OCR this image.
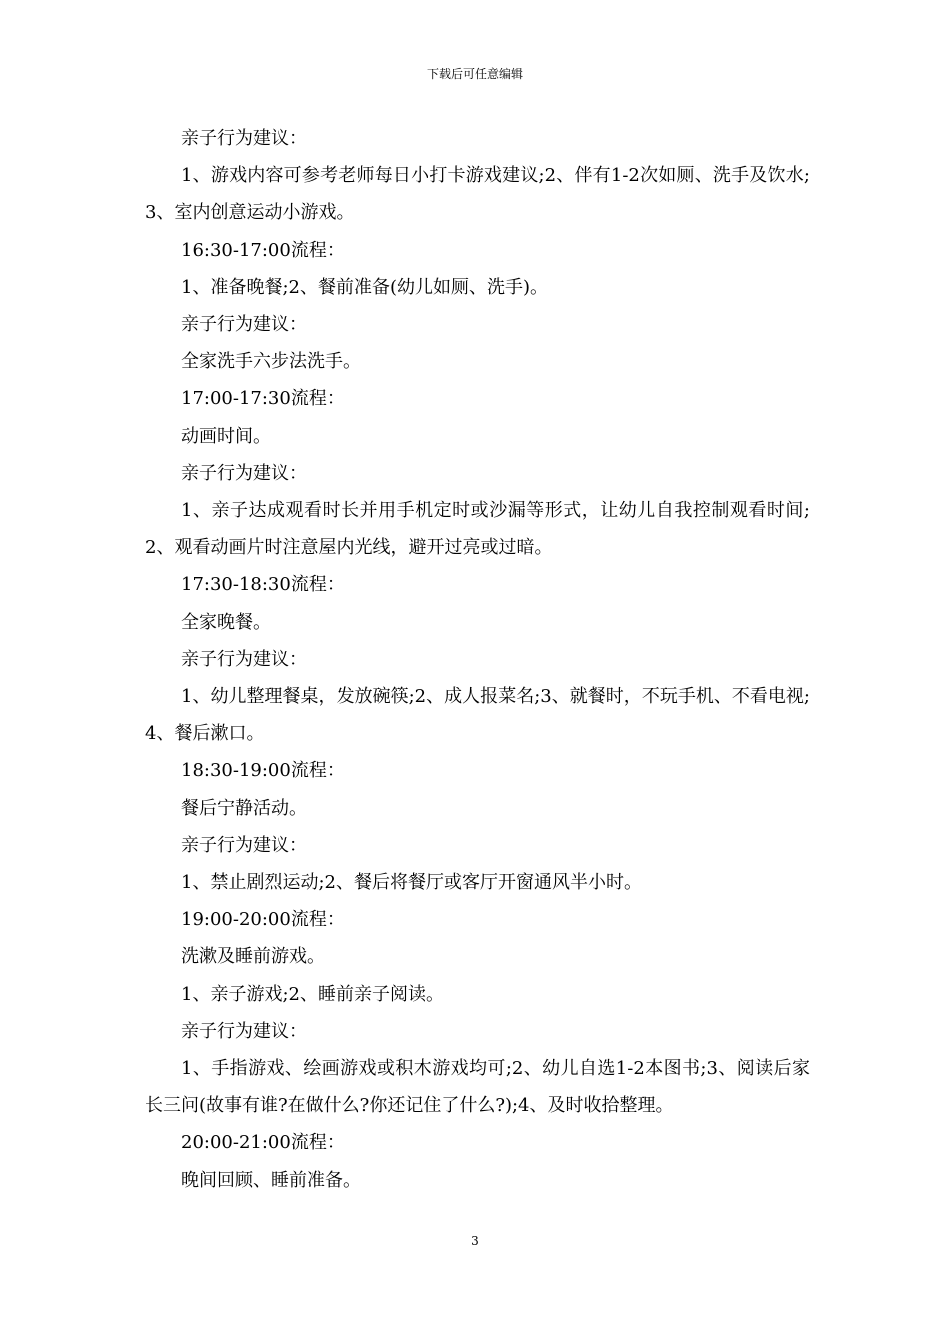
下载后可任意编辑

亲子行为建议：

1、游戏内容可参考老师每日小打卡游戏建议;2、伴有1-2次如厕、洗手及饮水;3、室内创意运动小游戏。

16:30-17:00流程：

1、准备晚餐;2、餐前准备(幼儿如厕、洗手)。

亲子行为建议：

全家洗手六步法洗手。

17:00-17:30流程：

动画时间。

亲子行为建议：

1、亲子达成观看时长并用手机定时或沙漏等形式，让幼儿自我控制观看时间;2、观看动画片时注意屋内光线，避开过亮或过暗。

17:30-18:30流程：

全家晚餐。

亲子行为建议：

1、幼儿整理餐桌，发放碗筷;2、成人报菜名;3、就餐时，不玩手机、不看电视;4、餐后漱口。

18:30-19:00流程：

餐后宁静活动。

亲子行为建议：

1、禁止剧烈运动;2、餐后将餐厅或客厅开窗通风半小时。

19:00-20:00流程：

洗漱及睡前游戏。

1、亲子游戏;2、睡前亲子阅读。

亲子行为建议：

1、手指游戏、绘画游戏或积木游戏均可;2、幼儿自选1-2本图书;3、阅读后家长三问(故事有谁?在做什么?你还记住了什么?);4、及时收拾整理。

20:00-21:00流程：

晚间回顾、睡前准备。

3
